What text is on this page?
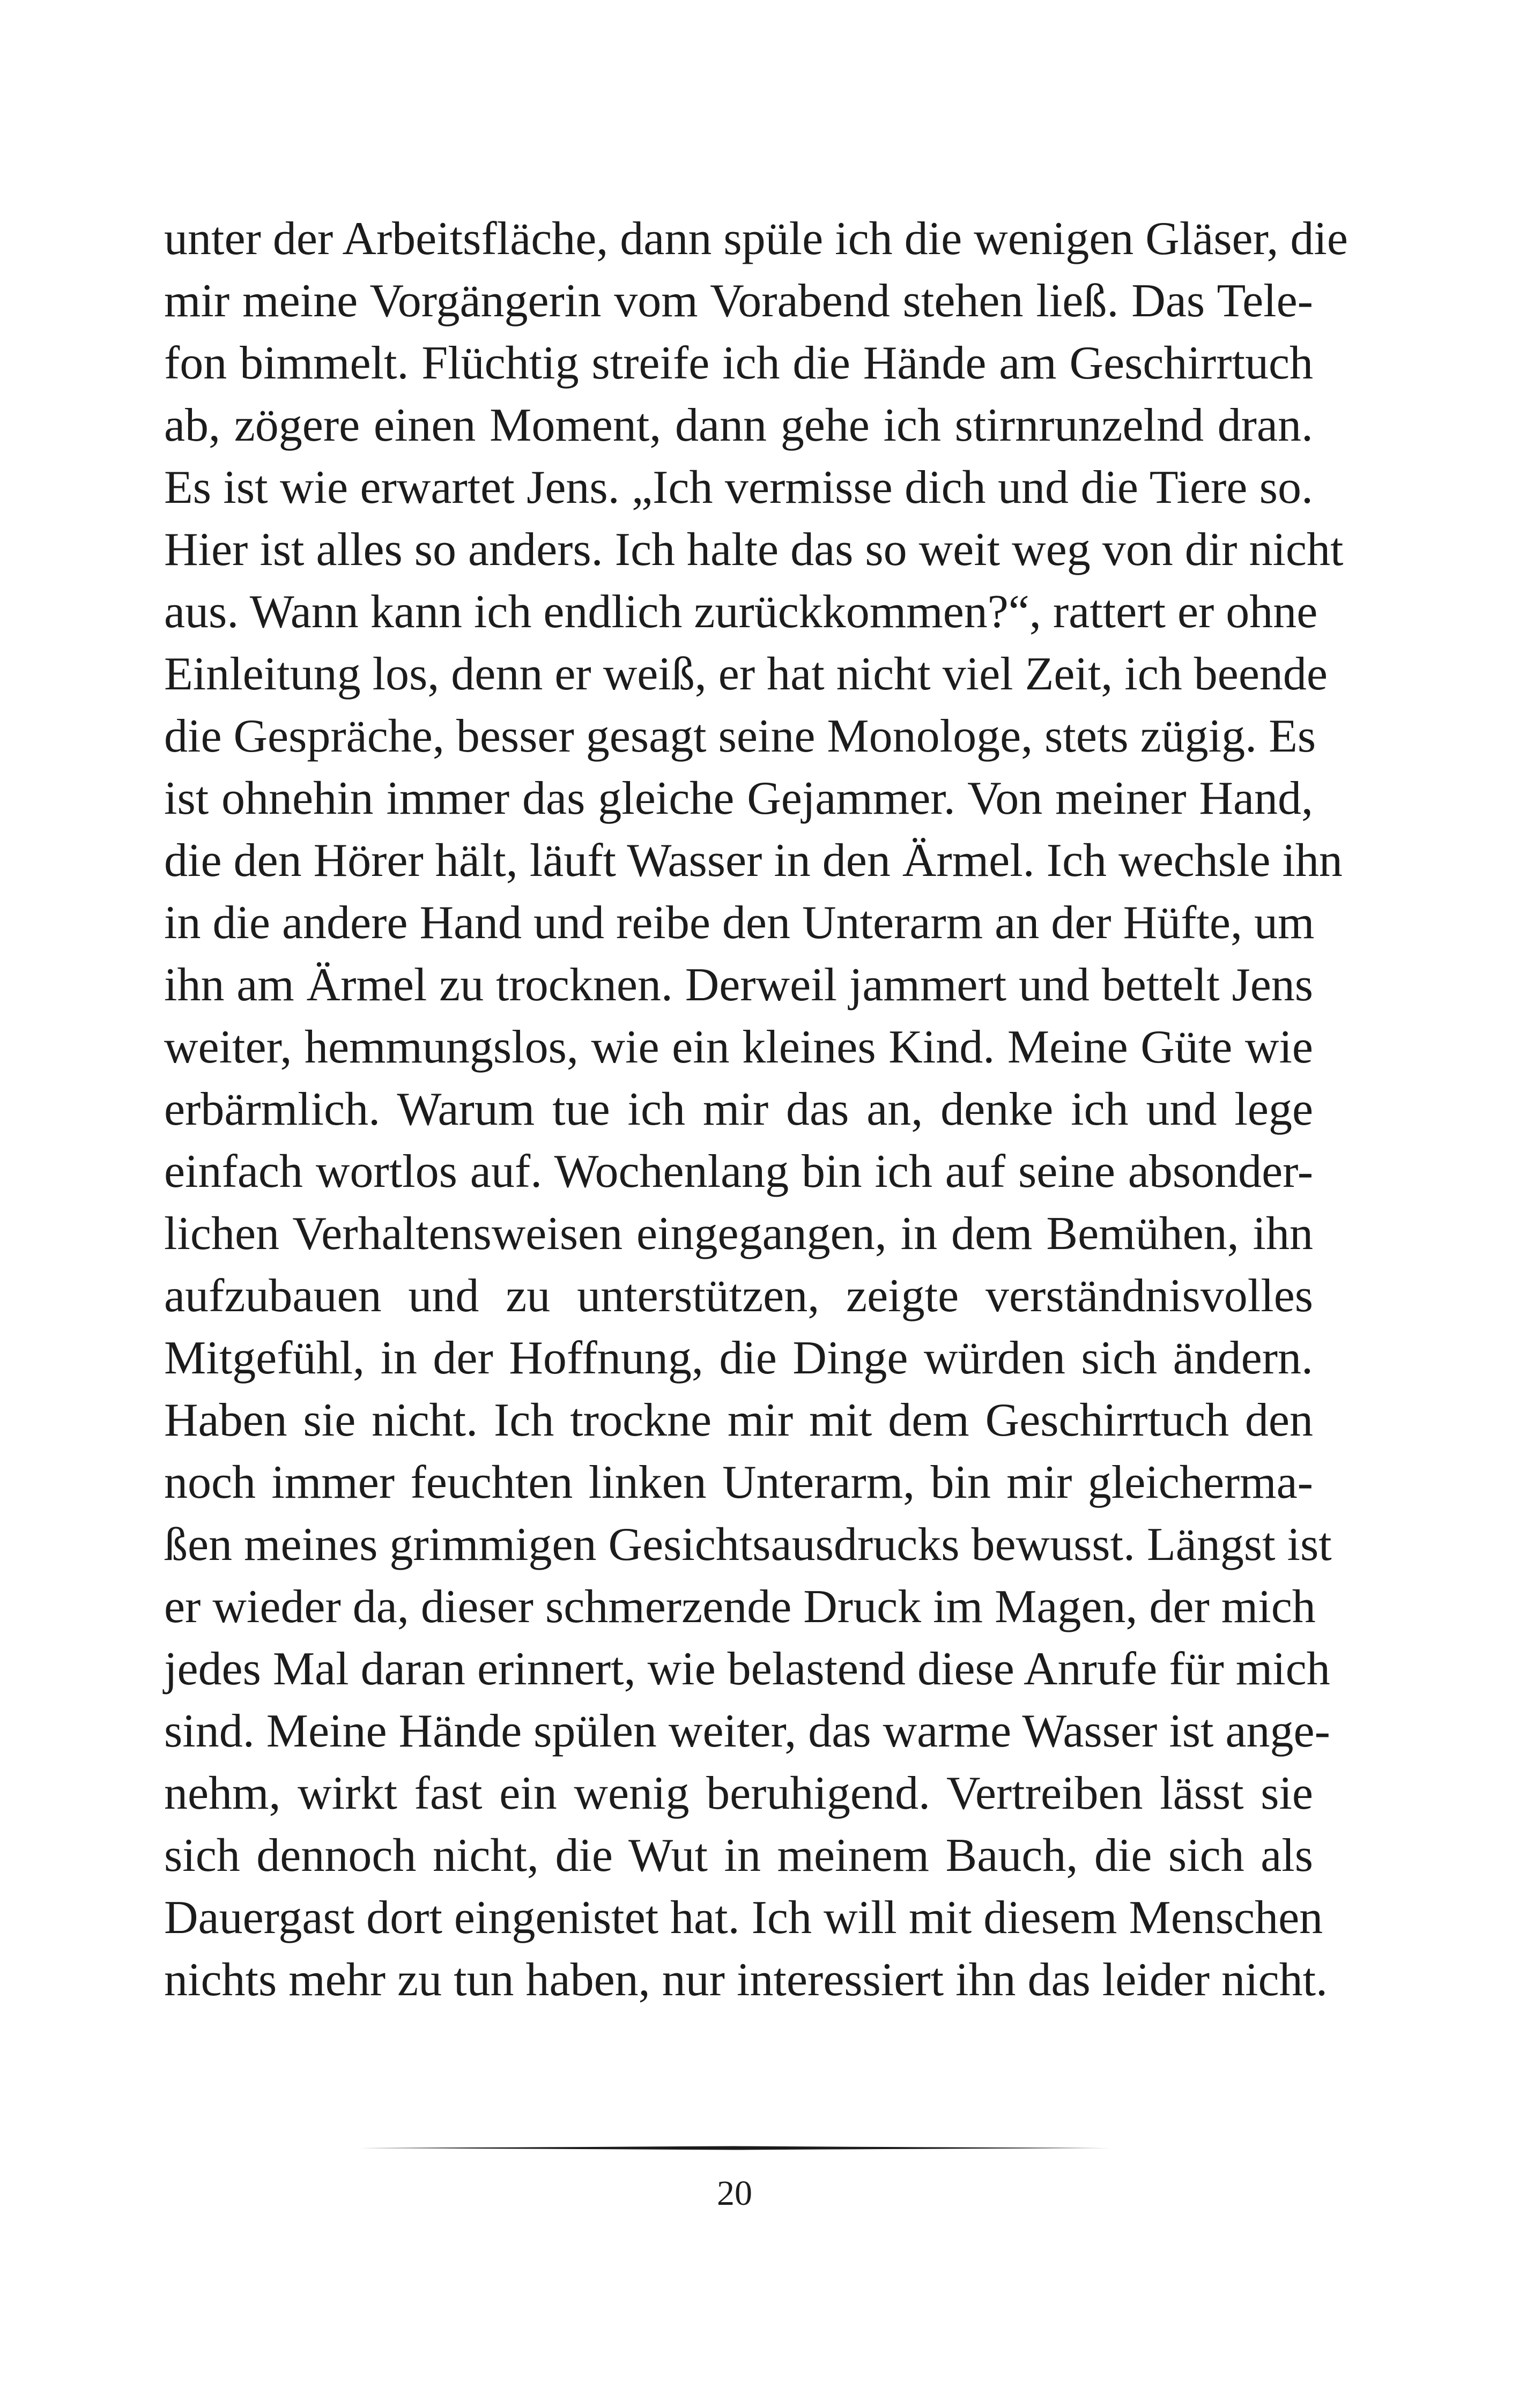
unter der Arbeitsfläche, dann spüle ich die wenigen Gläser, die
mir meine Vorgängerin vom Vorabend stehen ließ. Das Tele-
fon bimmelt. Flüchtig streife ich die Hände am Geschirrtuch
ab, zögere einen Moment, dann gehe ich stirnrunzelnd dran.
Es ist wie erwartet Jens. „Ich vermisse dich und die Tiere so.
Hier ist alles so anders. Ich halte das so weit weg von dir nicht
aus. Wann kann ich endlich zurückkommen?“, rattert er ohne
Einleitung los, denn er weiß, er hat nicht viel Zeit, ich beende
die Gespräche, besser gesagt seine Monologe, stets zügig. Es
ist ohnehin immer das gleiche Gejammer. Von meiner Hand,
die den Hörer hält, läuft Wasser in den Ärmel. Ich wechsle ihn
in die andere Hand und reibe den Unterarm an der Hüfte, um
ihn am Ärmel zu trocknen. Derweil jammert und bettelt Jens
weiter, hemmungslos, wie ein kleines Kind. Meine Güte wie
erbärmlich. Warum tue ich mir das an, denke ich und lege
einfach wortlos auf. Wochenlang bin ich auf seine absonder-
lichen Verhaltensweisen eingegangen, in dem Bemühen, ihn
aufzubauen und zu unterstützen, zeigte verständnisvolles
Mitgefühl, in der Hoffnung, die Dinge würden sich ändern.
Haben sie nicht. Ich trockne mir mit dem Geschirrtuch den
noch immer feuchten linken Unterarm, bin mir gleicherma-
ßen meines grimmigen Gesichtsausdrucks bewusst. Längst ist
er wieder da, dieser schmerzende Druck im Magen, der mich
jedes Mal daran erinnert, wie belastend diese Anrufe für mich
sind. Meine Hände spülen weiter, das warme Wasser ist ange-
nehm, wirkt fast ein wenig beruhigend. Vertreiben lässt sie
sich dennoch nicht, die Wut in meinem Bauch, die sich als
Dauergast dort eingenistet hat. Ich will mit diesem Menschen
nichts mehr zu tun haben, nur interessiert ihn das leider nicht.
20
